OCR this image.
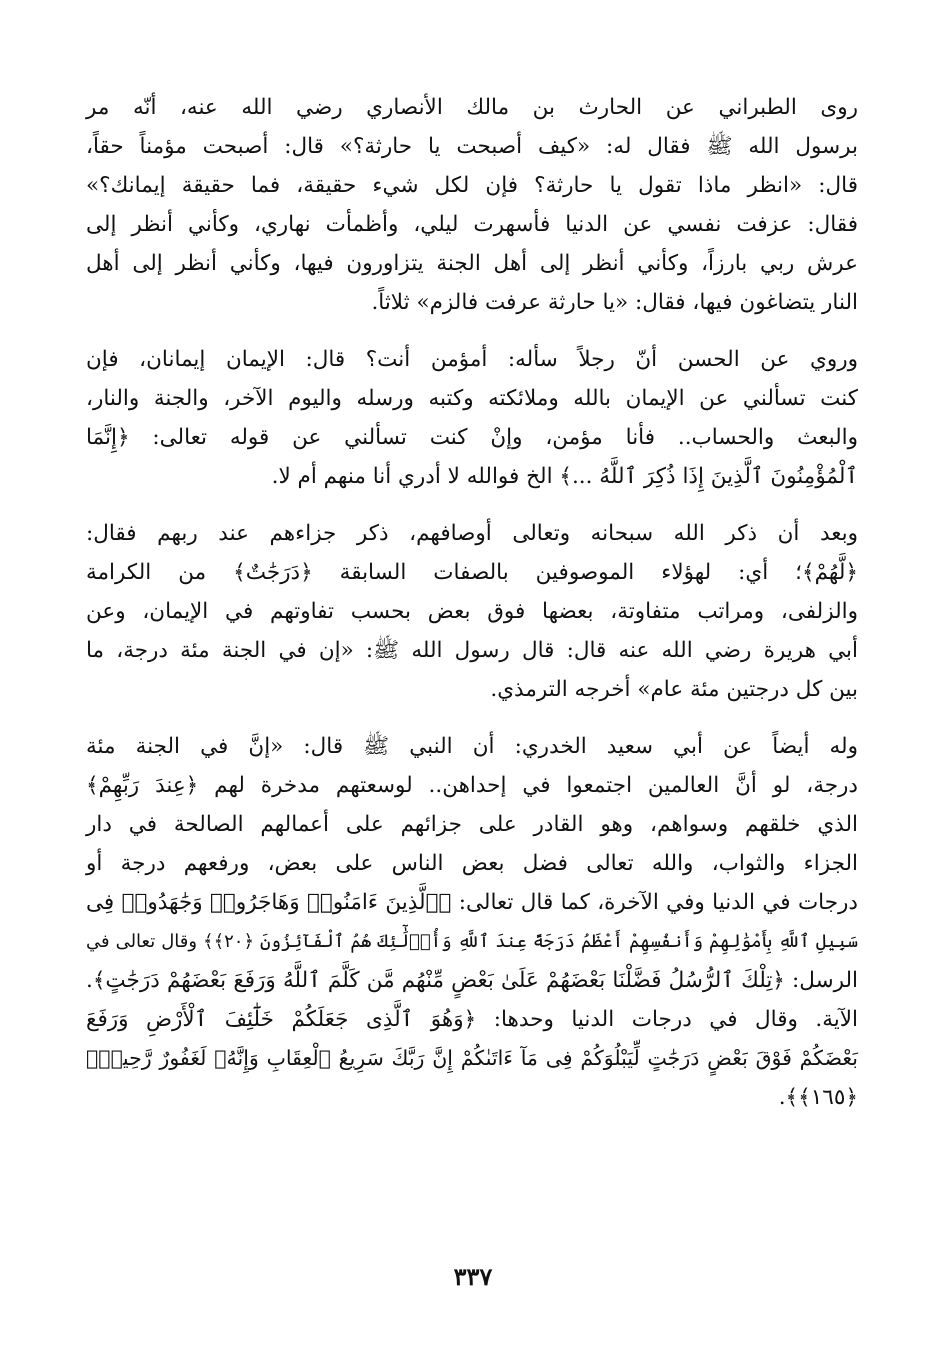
روى الطبراني عن الحارث بن مالك الأنصاري رضي الله عنه، أنّه مر
برسول الله ﷺ فقال له: «كيف أصبحت يا حارثة؟» قال: أصبحت مؤمناً حقاً،
قال: «انظر ماذا تقول يا حارثة؟ فإن لكل شيء حقيقة، فما حقيقة إيمانك؟»
فقال: عزفت نفسي عن الدنيا فأسهرت ليلي، وأظمأت نهاري، وكأني أنظر إلى
عرش ربي بارزاً، وكأني أنظر إلى أهل الجنة يتزاورون فيها، وكأني أنظر إلى أهل
النار يتضاغون فيها، فقال: «يا حارثة عرفت فالزم» ثلاثاً.

وروي عن الحسن أنّ رجلاً سأله: أمؤمن أنت؟ قال: الإيمان إيمانان، فإن
كنت تسألني عن الإيمان بالله وملائكته وكتبه ورسله واليوم الآخر، والجنة والنار،
والبعث والحساب.. فأنا مؤمن، وإنْ كنت تسألني عن قوله تعالى: ﴿إِنَّمَا
ٱلْمُؤْمِنُونَ ٱلَّذِينَ إِذَا ذُكِرَ ٱللَّهُ ...﴾ الخ فوالله لا أدري أنا منهم أم لا.

وبعد أن ذكر الله سبحانه وتعالى أوصافهم، ذكر جزاءهم عند ربهم فقال:
﴿لَّهُمْ﴾؛ أي: لهؤلاء الموصوفين بالصفات السابقة ﴿دَرَجَٰتٌ﴾ من الكرامة
والزلفى، ومراتب متفاوتة، بعضها فوق بعض بحسب تفاوتهم في الإيمان، وعن
أبي هريرة رضي الله عنه قال: قال رسول الله ﷺ: «إن في الجنة مئة درجة، ما
بين كل درجتين مئة عام» أخرجه الترمذي.

وله أيضاً عن أبي سعيد الخدري: أن النبي ﷺ قال: «إنَّ في الجنة مئة
درجة، لو أنَّ العالمين اجتمعوا في إحداهن.. لوسعتهم مدخرة لهم ﴿عِندَ رَبِّهِمْ﴾
الذي خلقهم وسواهم، وهو القادر على جزائهم على أعمالهم الصالحة في دار
الجزاء والثواب، والله تعالى فضل بعض الناس على بعض، ورفعهم درجة أو
درجات في الدنيا وفي الآخرة، كما قال تعالى: ﴿ٱلَّذِينَ ءَامَنُوا۟ وَهَاجَرُوا۟ وَجَٰهَدُوا۟ فِى
سَبِيلِ ٱللَّهِ بِأَمْوَٰلِهِمْ وَأَنفُسِهِمْ أَعْظَمُ دَرَجَةً عِندَ ٱللَّهِ وَأُو۟لَٰٓئِكَ هُمُ ٱلْفَآئِزُونَ ﴿٢٠﴾﴾ وقال تعالى في
الرسل: ﴿تِلْكَ ٱلرُّسُلُ فَضَّلْنَا بَعْضَهُمْ عَلَىٰ بَعْضٍ مِّنْهُم مَّن كَلَّمَ ٱللَّهُ وَرَفَعَ بَعْضَهُمْ دَرَجَٰتٍ﴾.
الآية. وقال في درجات الدنيا وحدها: ﴿وَهُوَ ٱلَّذِى جَعَلَكُمْ خَلَٰٓئِفَ ٱلْأَرْضِ وَرَفَعَ
بَعْضَكُمْ فَوْقَ بَعْضٍ دَرَجَٰتٍ لِّيَبْلُوَكُمْ فِى مَآ ءَاتَىٰكُمْ إِنَّ رَبَّكَ سَرِيعُ ٱلْعِقَابِ وَإِنَّهُۥ لَغَفُورٌ رَّحِيمٌۢ
﴿١٦٥﴾﴾.

٣٣٧
